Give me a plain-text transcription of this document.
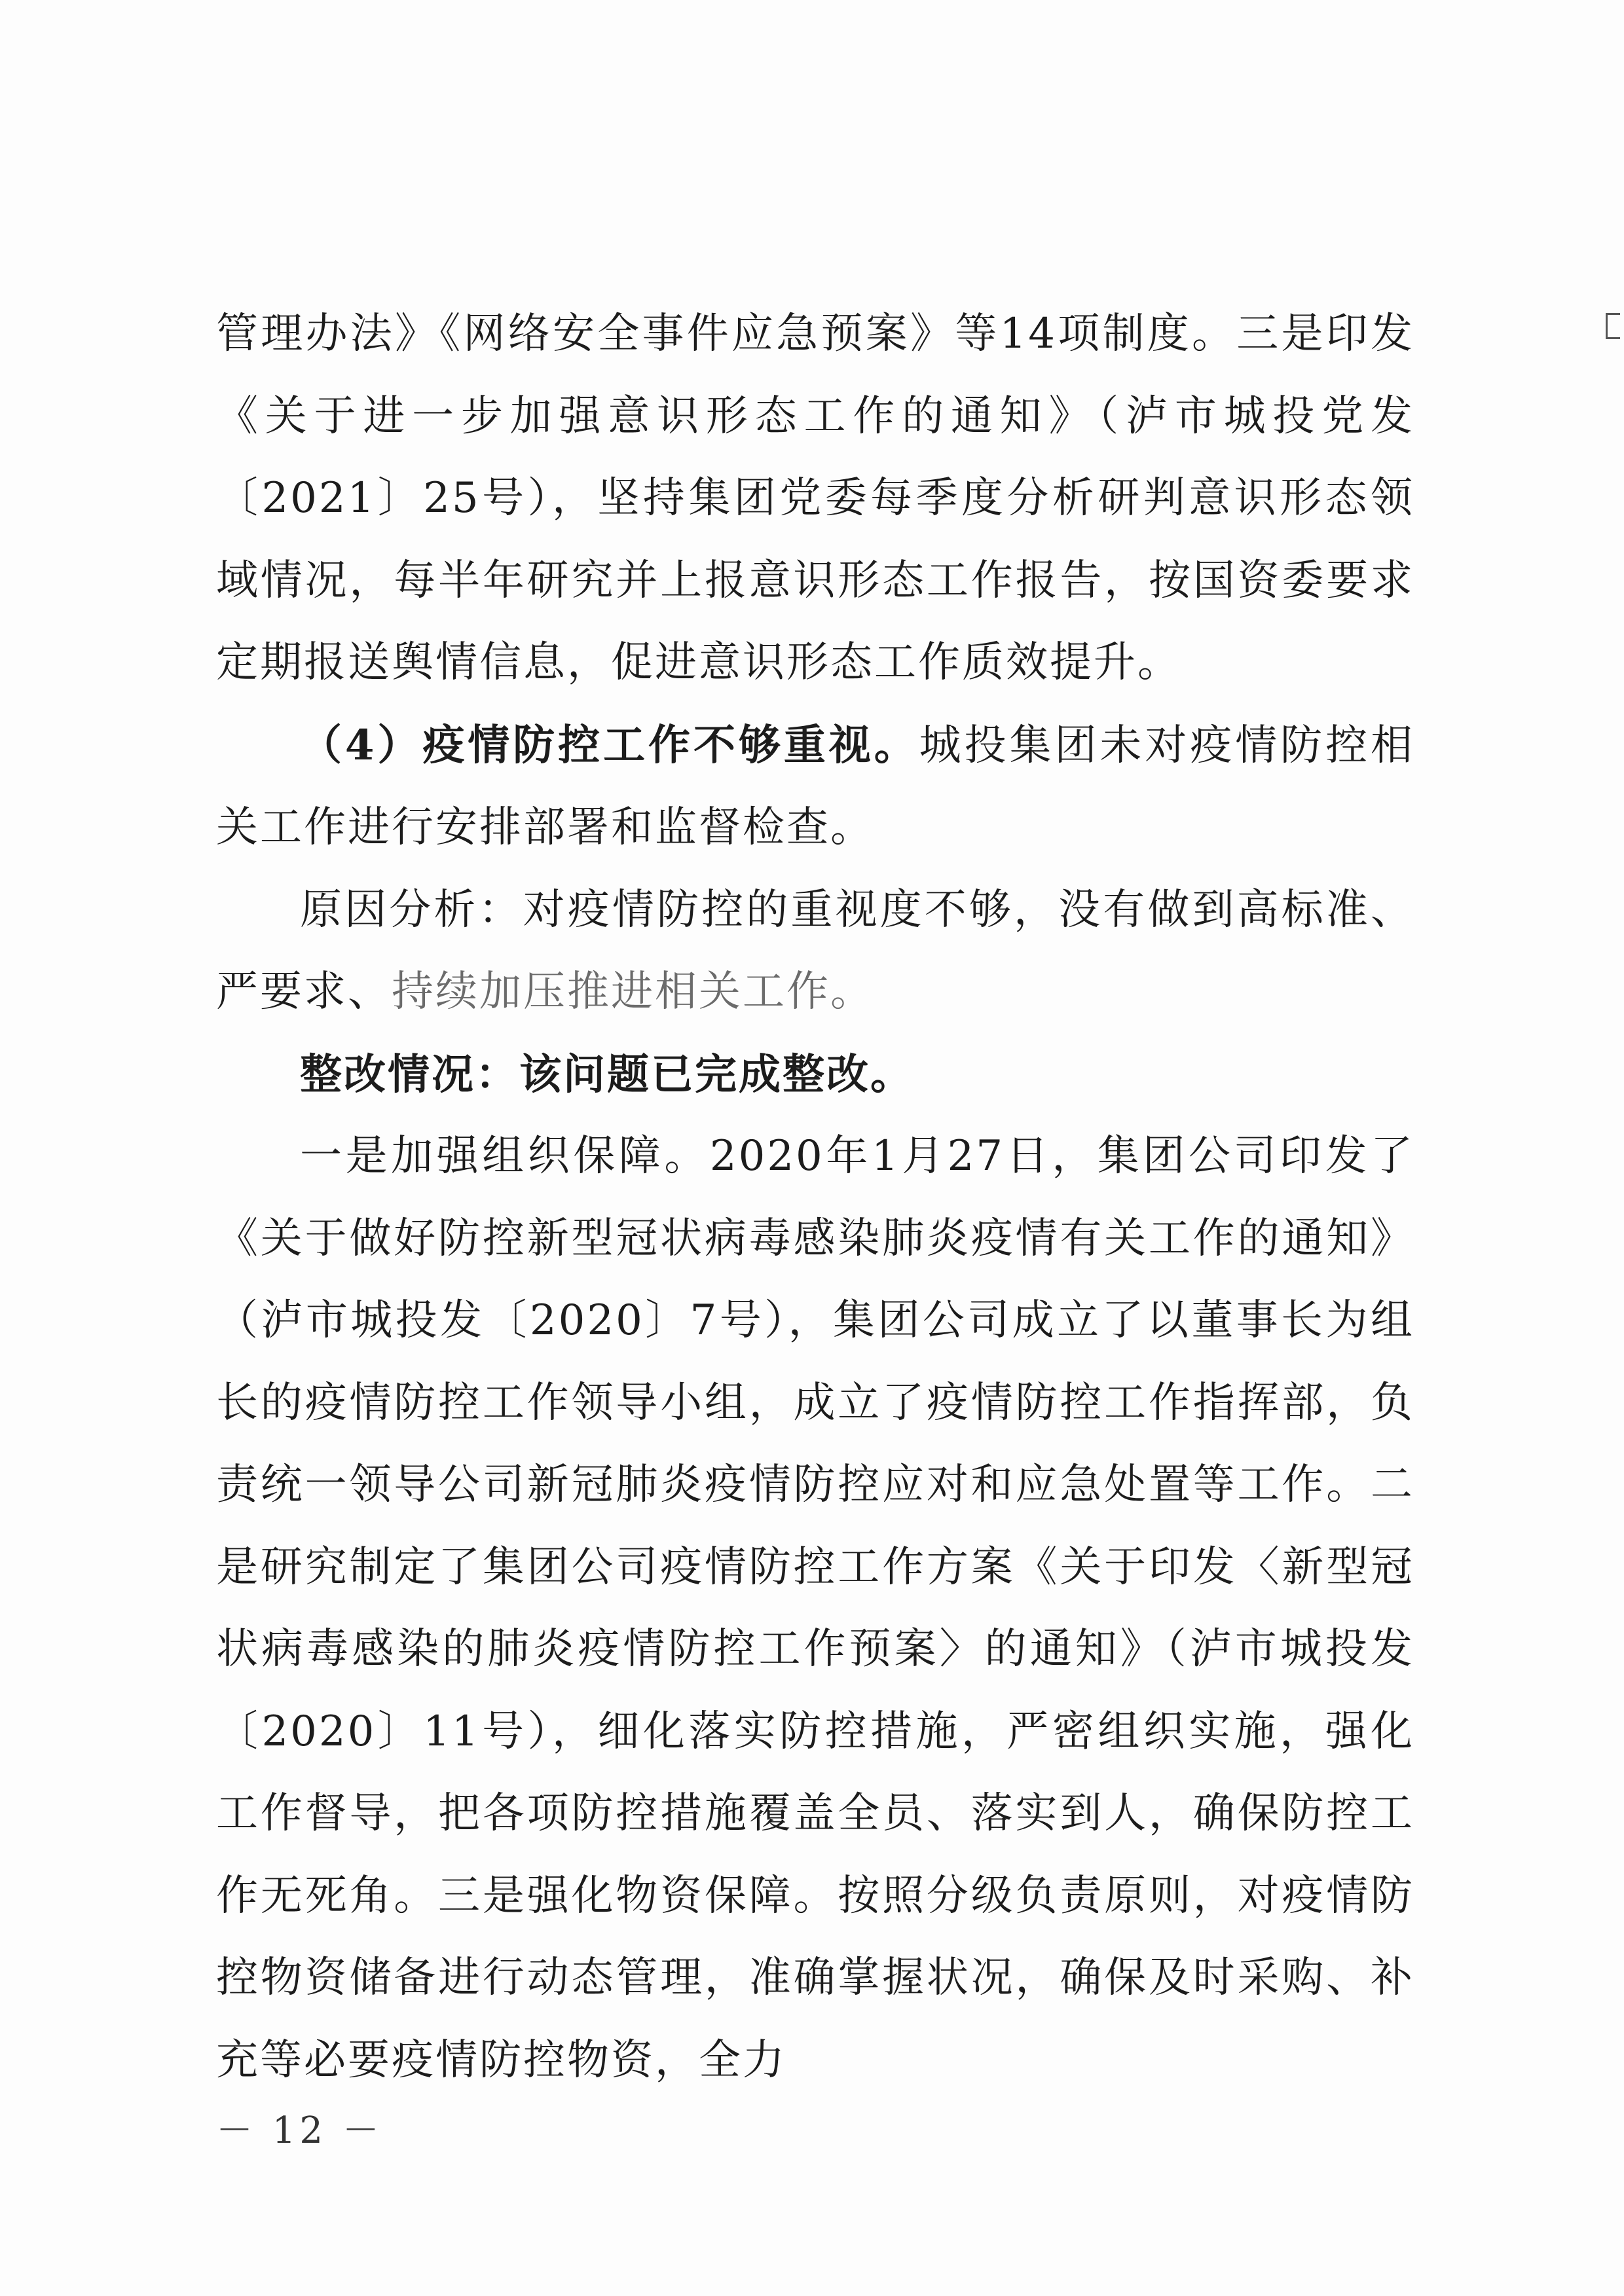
管理办法》《网络安全事件应急预案》等14项制度。三是印发《关于进一步加强意识形态工作的通知》（泸市城投党发〔2021〕25号），坚持集团党委每季度分析研判意识形态领域情况，每半年研究并上报意识形态工作报告，按国资委要求定期报送舆情信息，促进意识形态工作质效提升。

（4）疫情防控工作不够重视。城投集团未对疫情防控相关工作进行安排部署和监督检查。

原因分析：对疫情防控的重视度不够，没有做到高标准、严要求、持续加压推进相关工作。

整改情况：该问题已完成整改。

一是加强组织保障。2020年1月27日，集团公司印发了《关于做好防控新型冠状病毒感染肺炎疫情有关工作的通知》（泸市城投发〔2020〕7号），集团公司成立了以董事长为组长的疫情防控工作领导小组，成立了疫情防控工作指挥部，负责统一领导公司新冠肺炎疫情防控应对和应急处置等工作。二是研究制定了集团公司疫情防控工作方案《关于印发〈新型冠状病毒感染的肺炎疫情防控工作预案〉的通知》（泸市城投发〔2020〕11号），细化落实防控措施，严密组织实施，强化工作督导，把各项防控措施覆盖全员、落实到人，确保防控工作无死角。三是强化物资保障。按照分级负责原则，对疫情防控物资储备进行动态管理，准确掌握状况，确保及时采购、补充等必要疫情防控物资，全力

－ 12 －
